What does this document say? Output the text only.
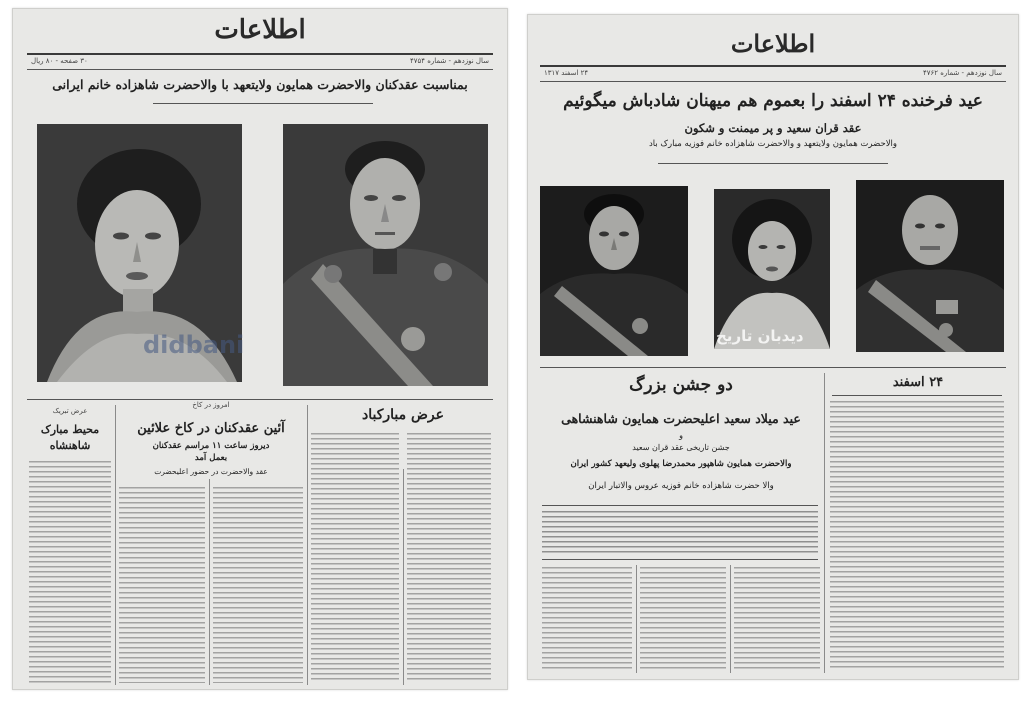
اطلاعات
سال نوزدهم - شماره ۴۷۵۴
۳۰ صفحه - ۸۰ ریال
بمناسبت عقدکنان والاحضرت همایون ولایتعهد با والاحضرت شاهزاده خانم ایرانی
didbani
عرض مبارکباد
امروز در کاخ
آئین عقدکنان در کاخ علائین
دیروز ساعت ۱۱ مراسم عقدکنان
بعمل آمد
عقد والاحضرت در حضور اعلیحضرت
عرض تبریک
محیط مبارک
شاهنشاه
اطلاعات
سال نوزدهم - شماره ۴۷۶۲
۲۴ اسفند ۱۳۱۷
عید فرخنده ۲۴ اسفند را بعموم هم میهنان شادباش میگوئیم
عقد قران سعید و پر میمنت و شکون
والاحضرت همایون ولایتعهد و والاحضرت شاهزاده خانم فوزیه مبارک باد
دیدبان تاریخ
۲۴ اسفند
دو جشن بزرگ
عید میلاد سعید اعلیحضرت همایون شاهنشاهی
و
جشن تاریخی عقد قران سعید
والاحضرت همایون شاهپور محمدرضا پهلوی ولیعهد کشور ایران
والا حضرت شاهزاده خانم فوزیه عروس والاتبار ایران
